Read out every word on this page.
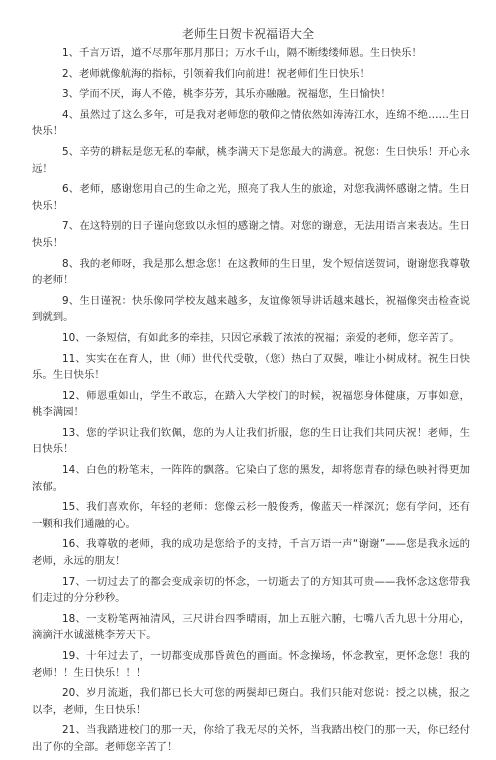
老师生日贺卡祝福语大全

1、千言万语，道不尽那年那月那日；万水千山，隔不断缕缕师恩。生日快乐！

2、老师就像航海的指标，引领着我们向前进！祝老师们生日快乐！

3、学而不厌，诲人不倦，桃李芬芳，其乐亦融融。祝福您，生日愉快！

4、虽然过了这么多年，可是我对老师您的敬仰之情依然如涛涛江水，连绵不绝……生日快乐！

5、辛劳的耕耘是您无私的奉献，桃李满天下是您最大的满意。祝您：生日快乐！开心永远！

6、老师，感谢您用自己的生命之光，照亮了我人生的旅途，对您我满怀感谢之情。生日快乐！

7、在这特别的日子谨向您致以永恒的感谢之情。对您的谢意，无法用语言来表达。生日快乐！

8、我的老师呀，我是那么想念您！在这教师的生日里，发个短信送贺词，谢谢您我尊敬的老师！

9、生日谨祝：快乐像同学校友越来越多，友谊像领导讲话越来越长，祝福像突击检查说到就到。

10、一条短信，有如此多的牵挂，只因它承载了浓浓的祝福；亲爱的老师，您辛苦了。

11、实实在在育人，世（师）世代代受敬，（您）热白了双鬓，唯让小树成材。祝生日快乐。生日快乐！

12、师恩重如山，学生不敢忘，在踏入大学校门的时候，祝福您身体健康，万事如意，桃李满园！

13、您的学识让我们钦佩，您的为人让我们折服，您的生日让我们共同庆祝！老师，生日快乐！

14、白色的粉笔末，一阵阵的飘落。它染白了您的黑发，却将您青春的绿色映衬得更加浓郁。

15、我们喜欢你，年轻的老师：您像云杉一般俊秀，像蓝天一样深沉；您有学问，还有一颗和我们通融的心。

16、我尊敬的老师，我的成功是您给予的支持，千言万语一声“谢谢”——您是我永远的老师，永远的朋友！

17、一切过去了的都会变成亲切的怀念，一切逝去了的方知其可贵——我怀念这您带我们走过的分分秒秒。

18、一支粉笔两袖清风，三尺讲台四季晴雨，加上五脏六腑，七嘴八舌九思十分用心，滴滴汗水诚滋桃李芳天下。

19、十年过去了，一切都变成那昏黄色的画面。怀念操场，怀念教室，更怀念您！我的老师！！生日快乐！！！

20、岁月流逝，我们都已长大可您的两鬓却已斑白。我们只能对您说：授之以桃，报之以李，老师，生日快乐！

21、当我踏进校门的那一天，你给了我无尽的关怀，当我踏出校门的那一天，你已经付出了你的全部。老师您辛苦了！
